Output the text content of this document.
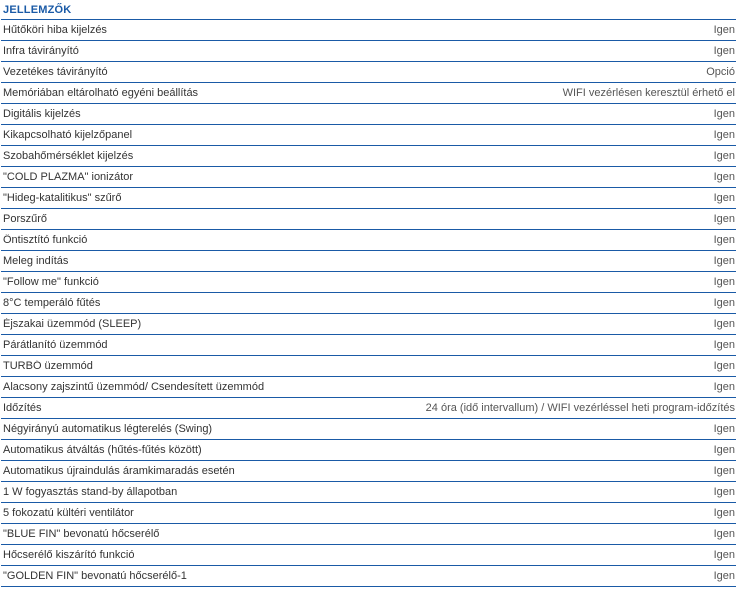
JELLEMZŐK
Hűtőköri hiba kijelzés	Igen
Infra távirányító	Igen
Vezetékes távirányító	Opció
Memóriában eltárolható egyéni beállítás	WIFI vezérlésen keresztül érhető el
Digitális kijelzés	Igen
Kikapcsolható kijelzőpanel	Igen
Szobahőmérséklet kijelzés	Igen
"COLD PLAZMA" ionizátor	Igen
"Hideg-katalitikus" szűrő	Igen
Porszűrő	Igen
Öntisztító funkció	Igen
Meleg indítás	Igen
"Follow me" funkció	Igen
8°C temperáló fűtés	Igen
Éjszakai üzemmód (SLEEP)	Igen
Párátlanító üzemmód	Igen
TURBÓ üzemmód	Igen
Alacsony zajszintű üzemmód/ Csendesített üzemmód	Igen
Időzítés	24 óra (idő intervallum) / WIFI vezérléssel heti program-időzítés
Négyirányú automatikus légterelés (Swing)	Igen
Automatikus átváltás (hűtés-fűtés között)	Igen
Automatikus újraindulás áramkimaradás esetén	Igen
1 W fogyasztás stand-by állapotban	Igen
5 fokozatú kültéri ventilátor	Igen
"BLUE FIN" bevonatú hőcserélő	Igen
Hőcserélő kiszárító funkció	Igen
"GOLDEN FIN" bevonatú hőcserélő-1	Igen
